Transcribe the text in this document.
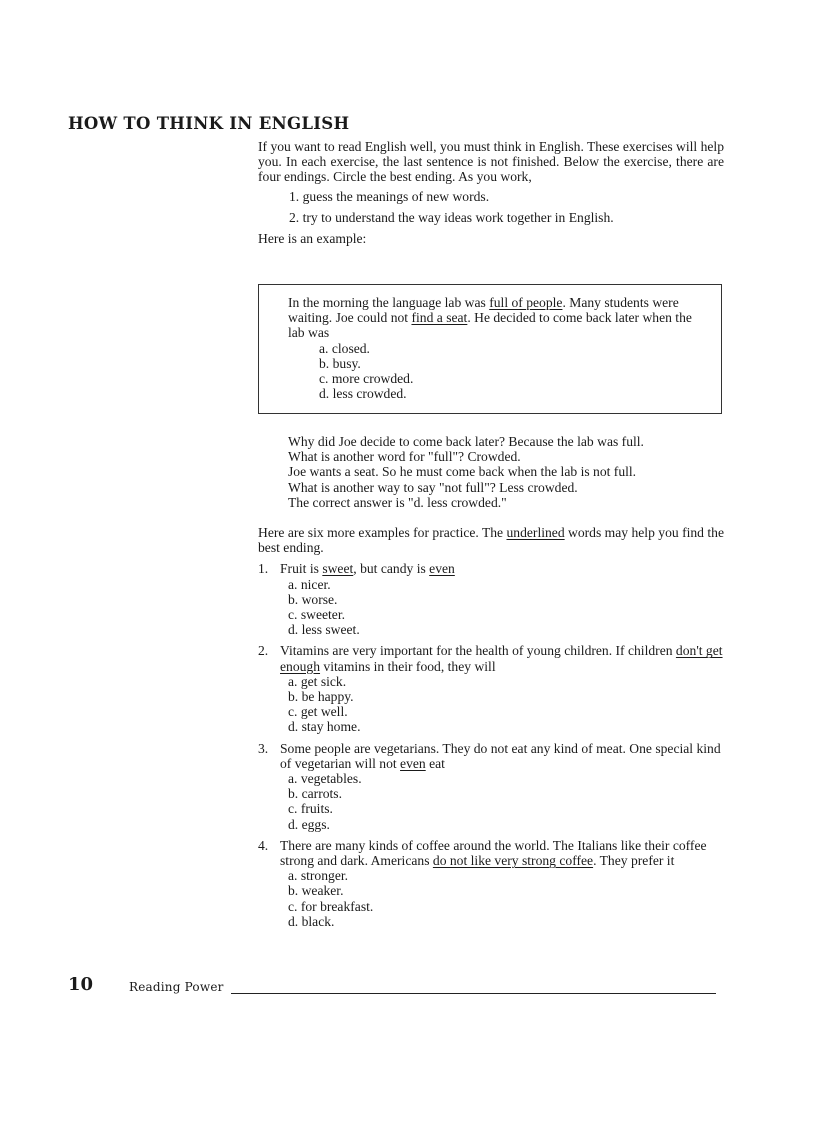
HOW TO THINK IN ENGLISH

If you want to read English well, you must think in English. These exercises will help you. In each exercise, the last sentence is not finished. Below the exercise, there are four endings. Circle the best ending. As you work,

1. guess the meanings of new words.
2. try to understand the way ideas work together in English.

Here is an example:

In the morning the language lab was full of people. Many students were waiting. Joe could not find a seat. He decided to come back later when the lab was

a. closed.
b. busy.
c. more crowded.
d. less crowded.
Why did Joe decide to come back later? Because the lab was full.
What is another word for "full"? Crowded.
Joe wants a seat. So he must come back when the lab is not full.
What is another way to say "not full"? Less crowded.
The correct answer is "d. less crowded."

Here are six more examples for practice. The underlined words may help you find the best ending.

1. Fruit is sweet, but candy is even
a. nicer.
b. worse.
c. sweeter.
d. less sweet.
2. Vitamins are very important for the health of young children. If children don't get enough vitamins in their food, they will
a. get sick.
b. be happy.
c. get well.
d. stay home.
3. Some people are vegetarians. They do not eat any kind of meat. One special kind of vegetarian will not even eat
a. vegetables.
b. carrots.
c. fruits.
d. eggs.
4. There are many kinds of coffee around the world. The Italians like their coffee strong and dark. Americans do not like very strong coffee. They prefer it
a. stronger.
b. weaker.
c. for breakfast.
d. black.
10	Reading Power
